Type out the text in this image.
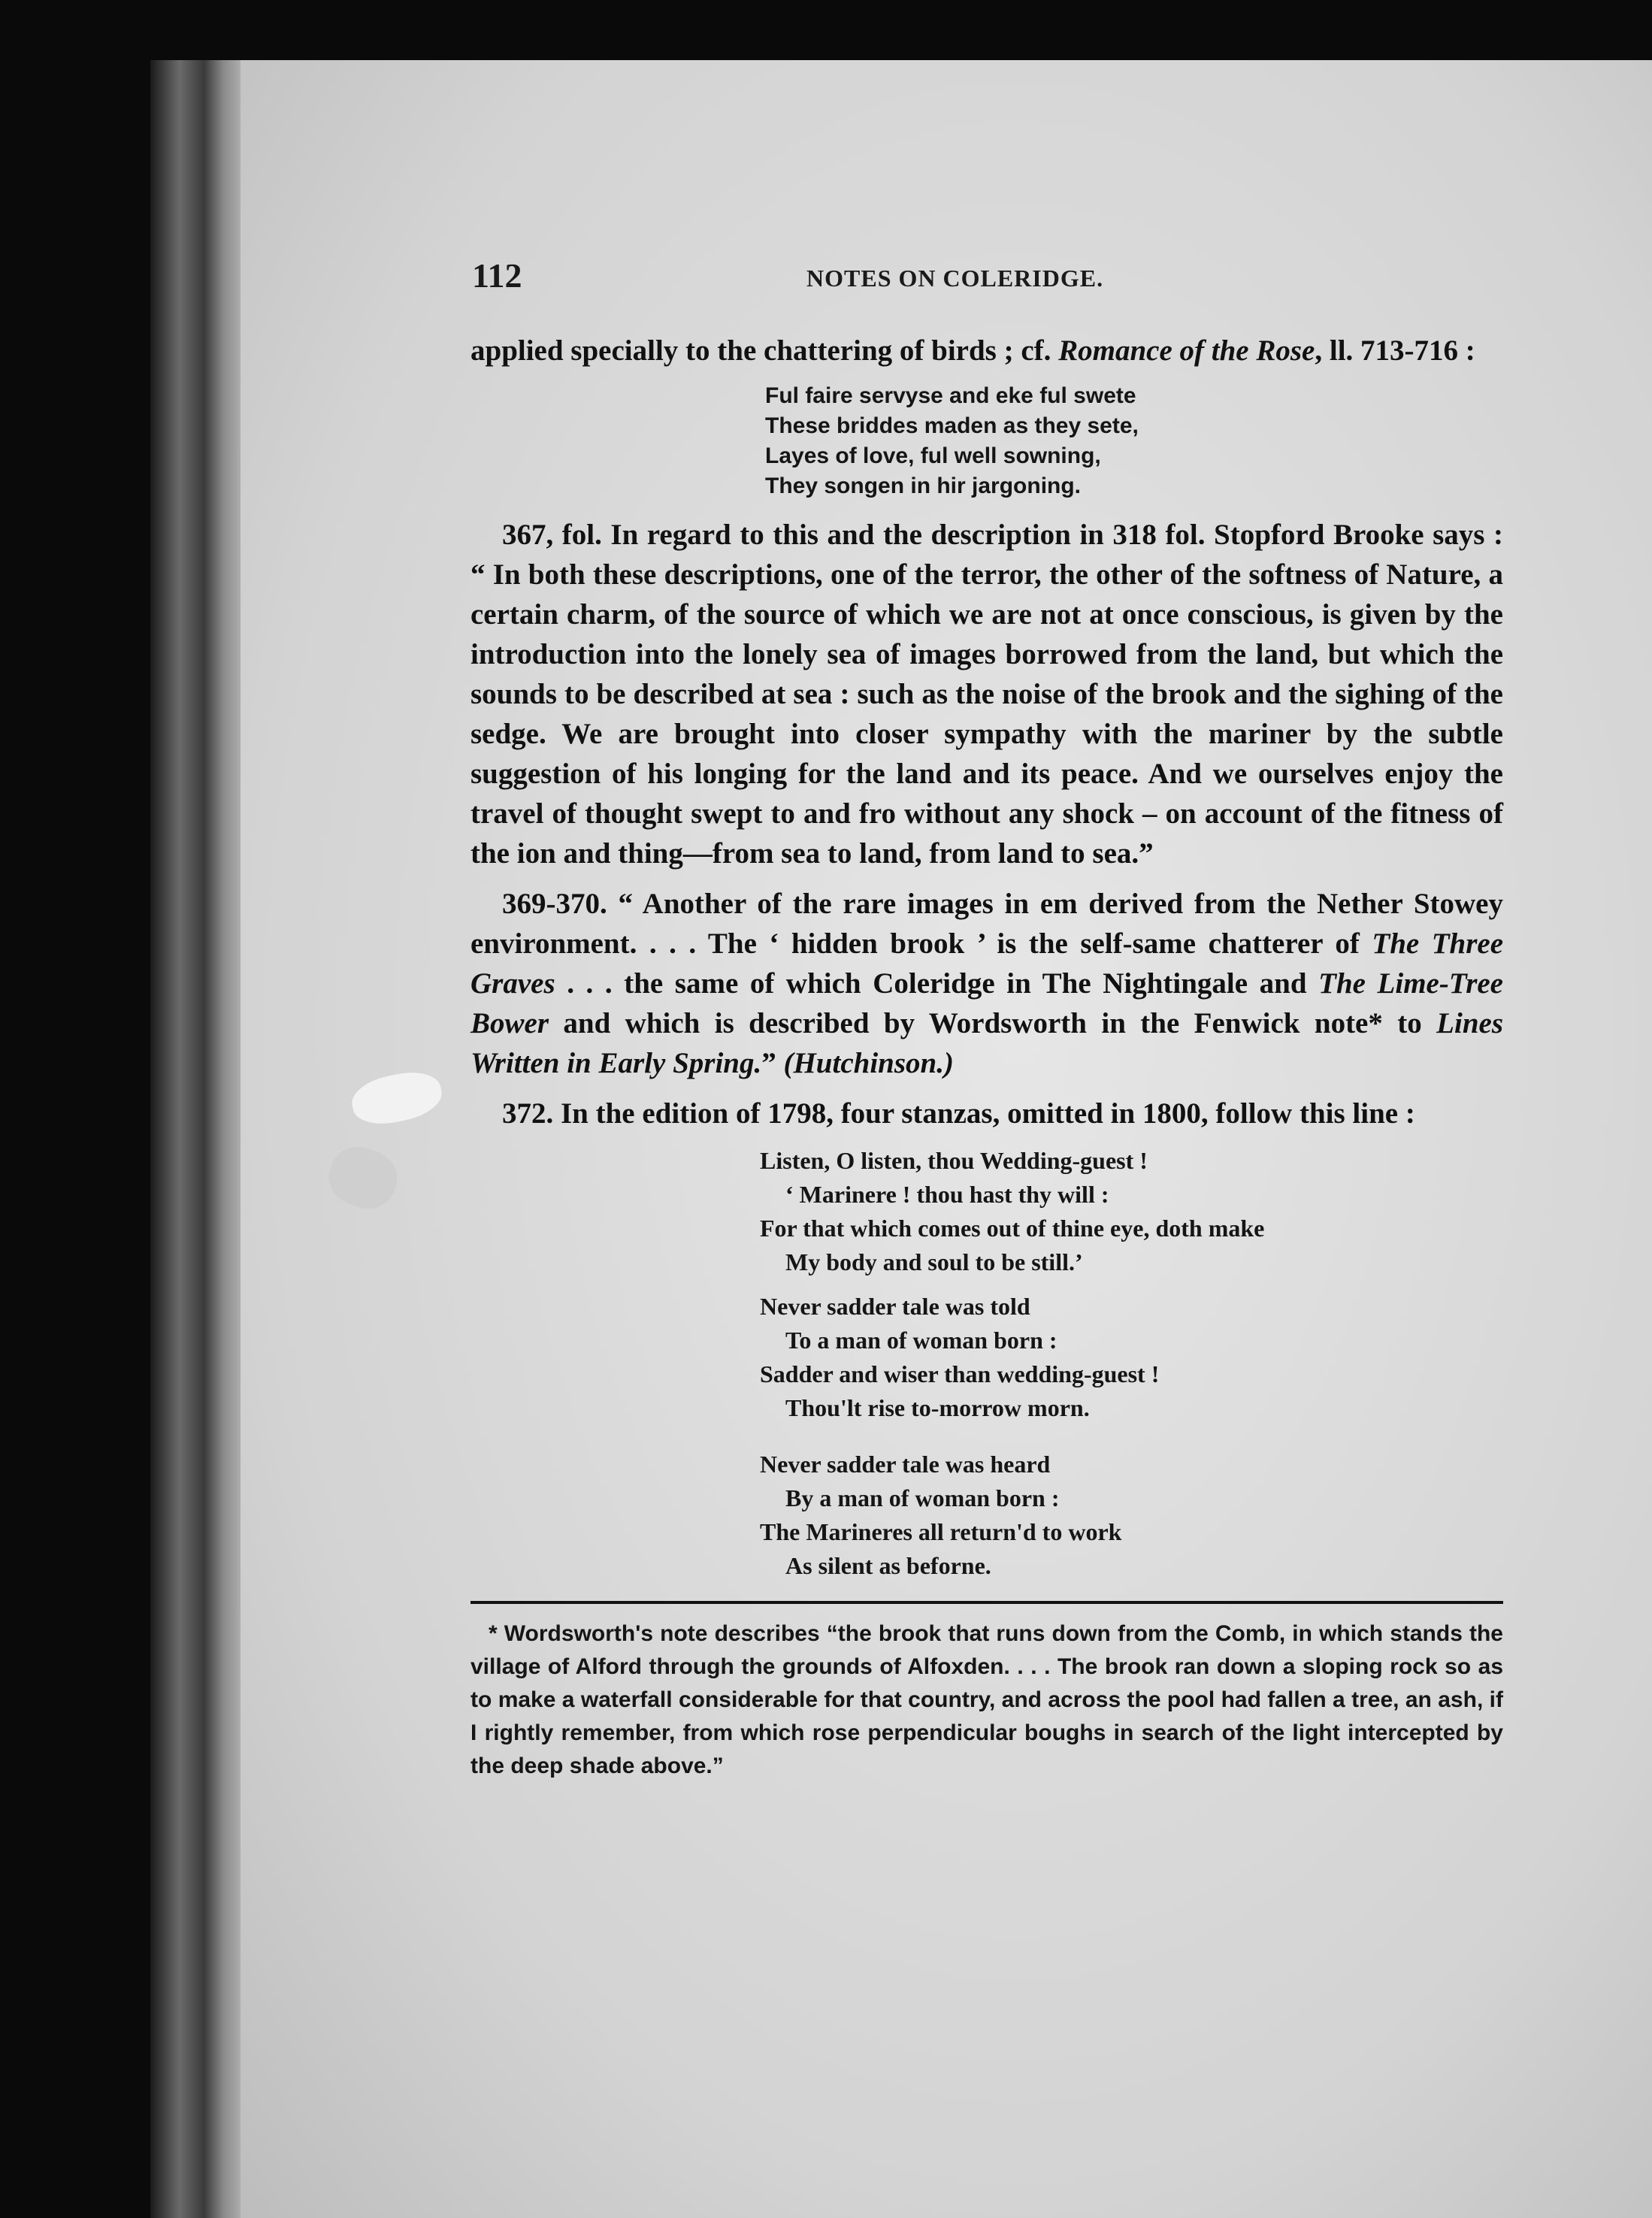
112	NOTES ON COLERIDGE.

applied specially to the chattering of birds ; cf. Romance of the Rose, ll. 713-716 :

Ful faire servyse and eke ful swete
These briddes maden as they sete,
Layes of love, ful well sowning,
They songen in hir jargoning.

367, fol. In regard to this and the description in 318 fol. Stopford Brooke says : “ In both these descriptions, one of the terror, the other of the softness of Nature, a certain charm, of the source of which we are not at once conscious, is given by the introduction into the lonely sea of images borrowed from the land, but which the sounds to be described at sea : such as the noise of the brook and the sighing of the sedge. We are brought into closer sympathy with the mariner by the subtle suggestion of his longing for the land and its peace. And we ourselves enjoy the travel of thought swept to and fro without any shock – on account of the fitness of the ion and thing—from sea to land, from land to sea.”

369-370. “ Another of the rare images in em derived from the Nether Stowey environment. . . . The ‘ hidden brook ’ is the self-same chatterer of The Three Graves . . . the same of which Coleridge in The Nightingale and The Lime-Tree Bower and which is described by Wordsworth in the Fenwick note* to Lines Written in Early Spring.” (Hutchinson.)

372. In the edition of 1798, four stanzas, omitted in 1800, follow this line :

Listen, O listen, thou Wedding-guest !
‘ Marinere ! thou hast thy will :
For that which comes out of thine eye, doth make
My body and soul to be still.’
Never sadder tale was told
To a man of woman born :
Sadder and wiser than wedding-guest !
Thou'lt rise to-morrow morn.
Never sadder tale was heard
By a man of woman born :
The Marineres all return'd to work
As silent as beforne.

* Wordsworth's note describes “the brook that runs down from the Comb, in which stands the village of Alford through the grounds of Alfoxden. . . . The brook ran down a sloping rock so as to make a waterfall considerable for that country, and across the pool had fallen a tree, an ash, if I rightly remember, from which rose perpendicular boughs in search of the light intercepted by the deep shade above.”
